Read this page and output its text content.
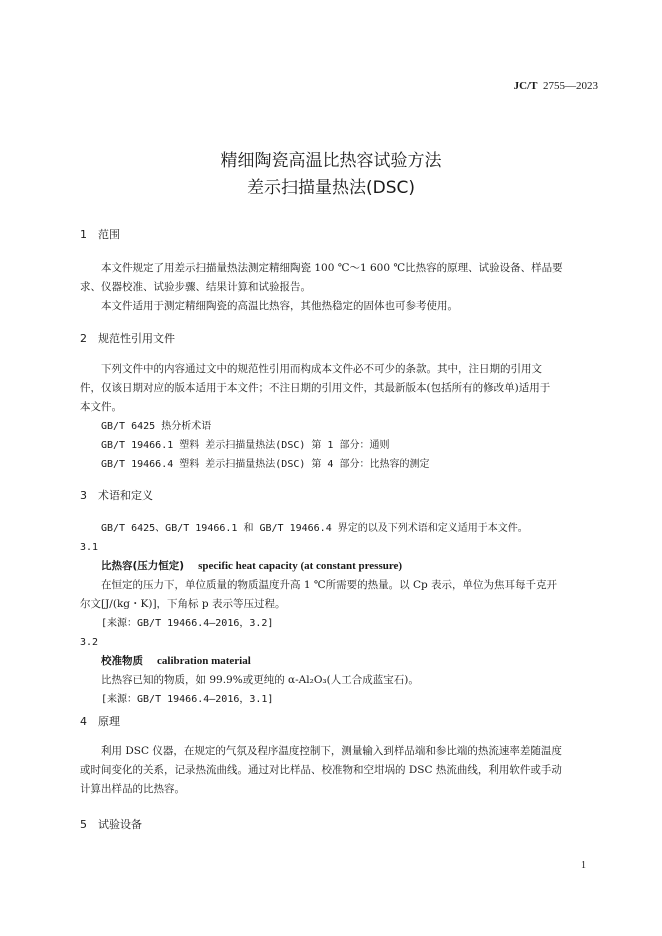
JC/T 2755—2023
精细陶瓷高温比热容试验方法
差示扫描量热法(DSC)
1 范围
本文件规定了用差示扫描量热法测定精细陶瓷 100 ℃～1 600 ℃比热容的原理、试验设备、样品要
求、仪器校准、试验步骤、结果计算和试验报告。
本文件适用于测定精细陶瓷的高温比热容，其他热稳定的固体也可参考使用。
2 规范性引用文件
下列文件中的内容通过文中的规范性引用而构成本文件必不可少的条款。其中，注日期的引用文
件，仅该日期对应的版本适用于本文件；不注日期的引用文件，其最新版本(包括所有的修改单)适用于
本文件。
GB/T 6425 热分析术语
GB/T 19466.1 塑料 差示扫描量热法(DSC) 第 1 部分：通则
GB/T 19466.4 塑料 差示扫描量热法(DSC) 第 4 部分：比热容的测定
3 术语和定义
GB/T 6425、GB/T 19466.1 和 GB/T 19466.4 界定的以及下列术语和定义适用于本文件。
3.1
比热容(压力恒定) specific heat capacity (at constant pressure)
在恒定的压力下，单位质量的物质温度升高 1 ℃所需要的热量。以 Cp 表示，单位为焦耳每千克开
尔文[J/(kg・K)]，下角标 p 表示等压过程。
[来源：GB/T 19466.4—2016，3.2]
3.2
校准物质 calibration material
比热容已知的物质，如 99.9%或更纯的 α-Al₂O₃(人工合成蓝宝石)。
[来源：GB/T 19466.4—2016，3.1]
4 原理
利用 DSC 仪器，在规定的气氛及程序温度控制下，测量输入到样品端和参比端的热流速率差随温度
或时间变化的关系，记录热流曲线。通过对比样品、校准物和空坩埚的 DSC 热流曲线，利用软件或手动
计算出样品的比热容。
5 试验设备
1
